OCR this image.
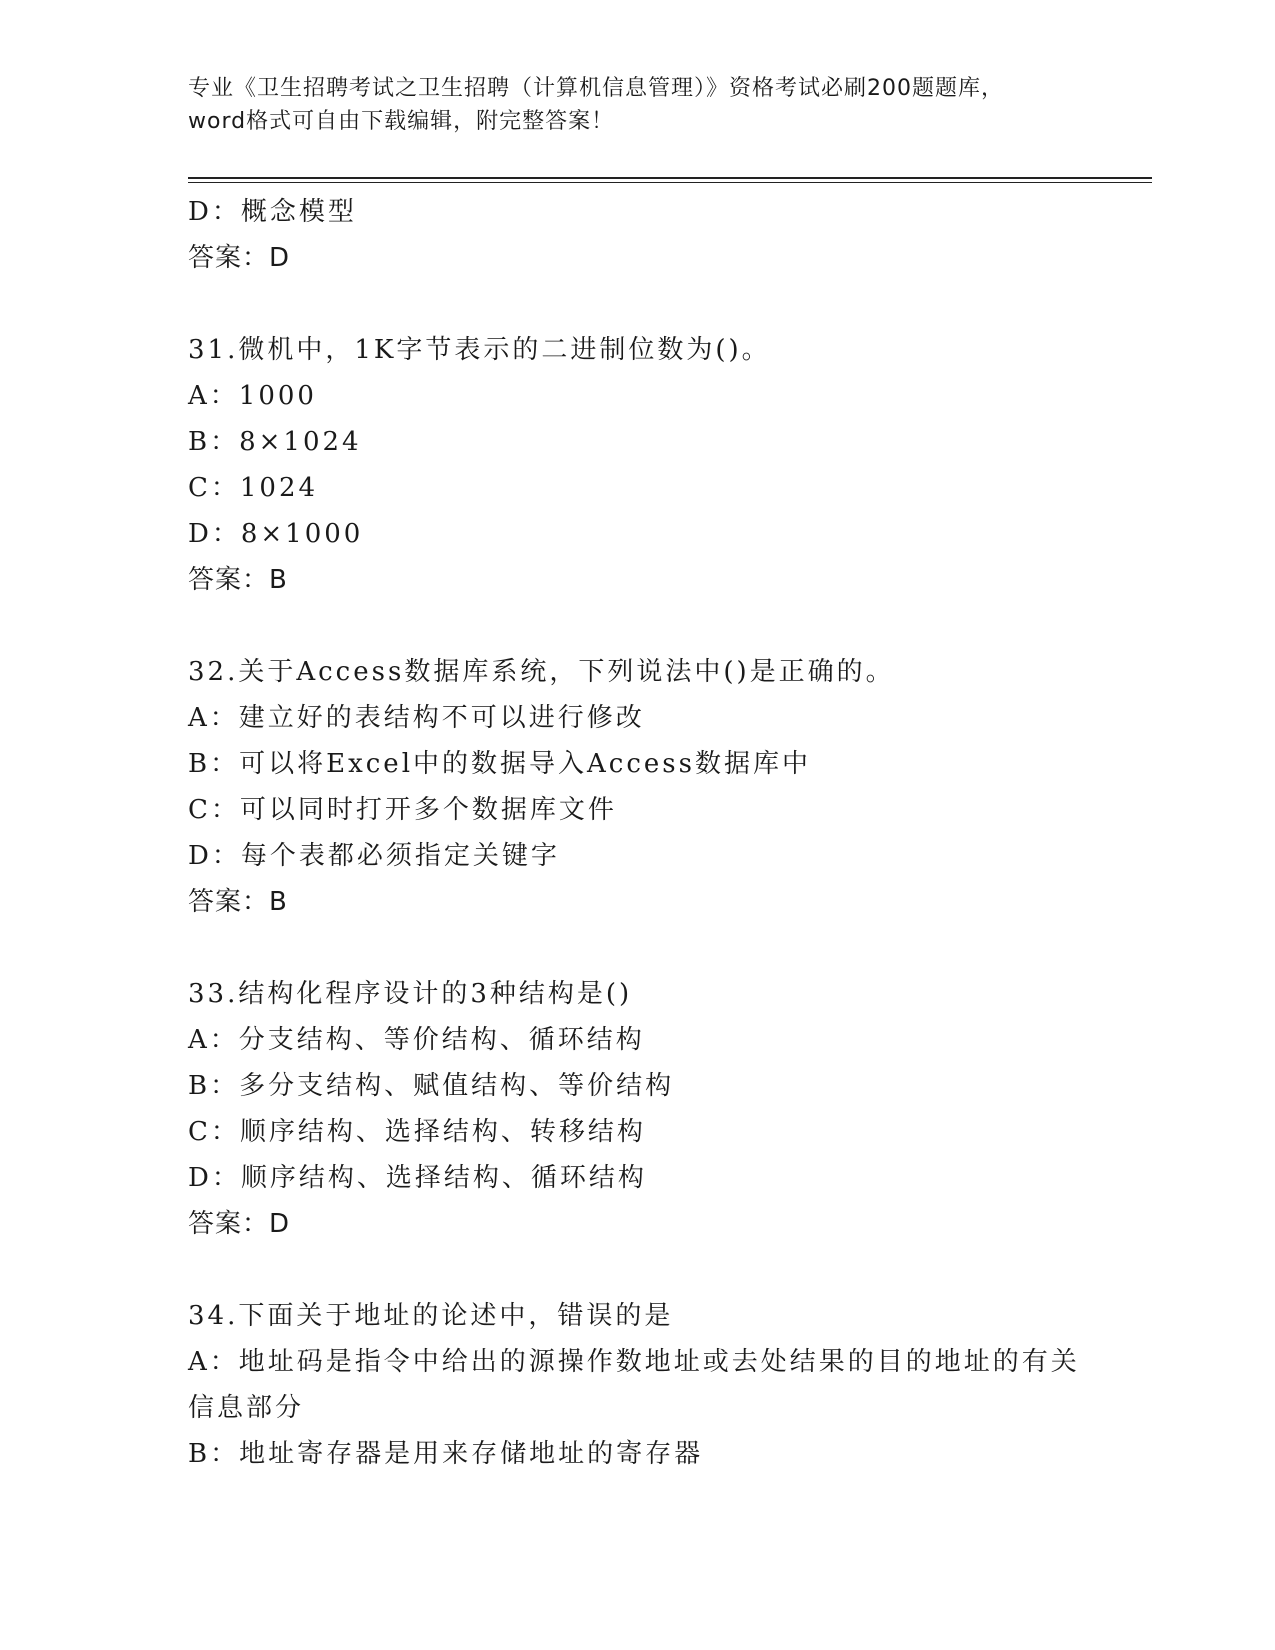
专业《卫生招聘考试之卫生招聘（计算机信息管理）》资格考试必刷200题题库，
word格式可自由下载编辑，附完整答案！
D：概念模型
答案：D
31.微机中，1K字节表示的二进制位数为()。
A：1000
B：8×1024
C：1024
D：8×1000
答案：B
32.关于Access数据库系统，下列说法中()是正确的。
A：建立好的表结构不可以进行修改
B：可以将Excel中的数据导入Access数据库中
C：可以同时打开多个数据库文件
D：每个表都必须指定关键字
答案：B
33.结构化程序设计的3种结构是()
A：分支结构、等价结构、循环结构
B：多分支结构、赋值结构、等价结构
C：顺序结构、选择结构、转移结构
D：顺序结构、选择结构、循环结构
答案：D
34.下面关于地址的论述中，错误的是
A：地址码是指令中给出的源操作数地址或去处结果的目的地址的有关信息部分
B：地址寄存器是用来存储地址的寄存器
